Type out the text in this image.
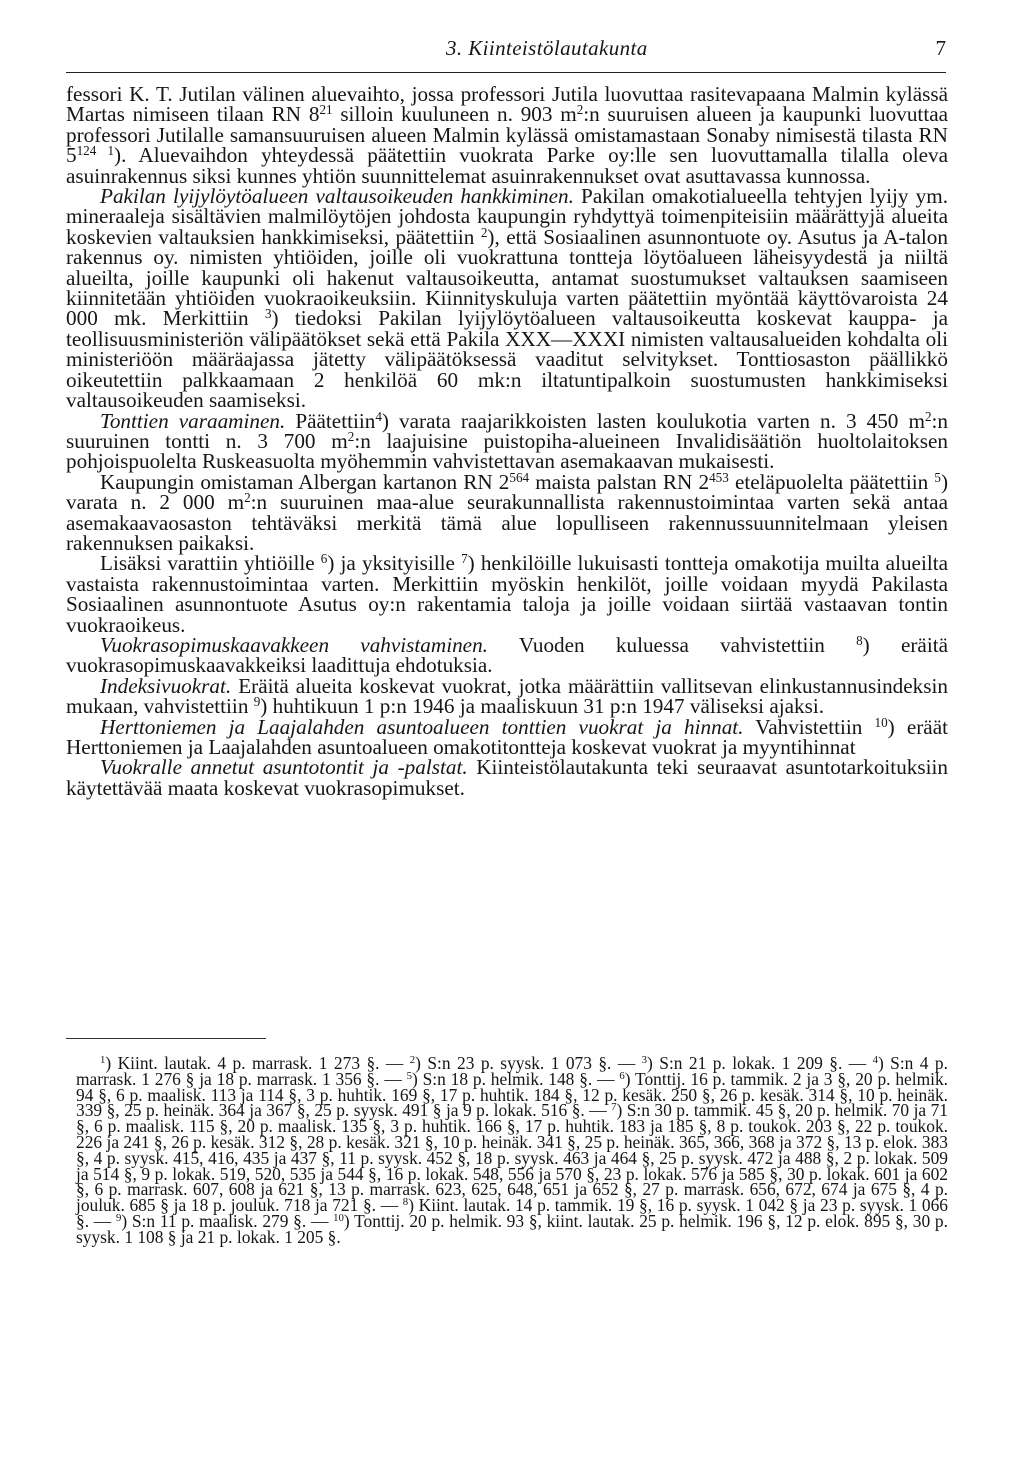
3. Kiinteistölautakunta	7

fessori K. T. Jutilan välinen aluevaihto, jossa professori Jutila luovuttaa rasitevapaana Malmin kylässä Martas nimiseen tilaan RN $8^{21}$ silloin kuuluneen n. 903 $m^2:n$ suuruisen alueen ja kaupunki luovuttaa professori Jutilalle samansuuruisen alueen Malmin kylässä omistamastaan Sonaby nimisestä tilasta RN $5^{124}$ $^1$). Aluevaihdon yhteydessä päätettiin vuokrata Parke oy:lle sen luovuttamalla tilalla oleva asuinrakennus siksi kunnes yhtiön suunnittelemat asuinrakennukset ovat asuttavassa kunnossa.

Pakilan lyijylöytöalueen valtausoikeuden hankkiminen. Pakilan omakotialueella tehtyjen lyijy ym. mineraaleja sisältävien malmilöytöjen johdosta kaupungin ryhdyttyä toimenpiteisiin määrättyjä alueita koskevien valtauksien hankkimiseksi, päätettiin $^2$), että Sosiaalinen asunnontuote oy. Asutus ja A-talon rakennus oy. nimisten yhtiöiden, joille oli vuokrattuna tontteja löytöalueen läheisyydestä ja niiltä alueilta, joille kaupunki oli hakenut valtausoikeutta, antamat suostumukset valtauksen saamiseen kiinnitetään yhtiöiden vuokraoikeuksiin. Kiinnityskuluja varten päätettiin myöntää käyttövaroista 24 000 mk. Merkittiin $^3$) tiedoksi Pakilan lyijylöytöalueen valtausoikeutta koskevat kauppa- ja teollisuusministeriön välipäätökset sekä että Pakila XXX—XXXI nimisten valtausalueiden kohdalta oli ministeriöön määräajassa jätetty välipäätöksessä vaaditut selvitykset. Tonttiosaston päällikkö oikeutettiin palkkaamaan 2 henkilöä 60 mk:n iltatuntipalkoin suostumusten hankkimiseksi valtausoikeuden saamiseksi.

Tonttien varaaminen. Päätettiin$^4$) varata raajarikkoisten lasten koulukotia varten n. 3 450 $m^2:n$ suuruinen tontti n. 3 700 $m^2:n$ laajuisine puistopiha-alueineen Invalidisäätiön huoltolaitoksen pohjoispuolelta Ruskeasuolta myöhemmin vahvistettavan asemakaavan mukaisesti.

Kaupungin omistaman Albergan kartanon RN $2^{564}$ maista palstan RN $2^{453}$ eteläpuolelta päätettiin $^5$) varata n. 2 000 $m^2:n$ suuruinen maa-alue seurakunnallista rakennustoimintaa varten sekä antaa asemakaavaosaston tehtäväksi merkitä tämä alue lopulliseen rakennussuunnitelmaan yleisen rakennuksen paikaksi.

Lisäksi varattiin yhtiöille $^6$) ja yksityisille $^7$) henkilöille lukuisasti tontteja omakotija muilta alueilta vastaista rakennustoimintaa varten. Merkittiin myöskin henkilöt, joille voidaan myydä Pakilasta Sosiaalinen asunnontuote Asutus oy:n rakentamia taloja ja joille voidaan siirtää vastaavan tontin vuokraoikeus.

Vuokrasopimuskaavakkeen vahvistaminen. Vuoden kuluessa vahvistettiin $^8$) eräitä vuokrasopimuskaavakkeiksi laadittuja ehdotuksia.

Indeksivuokrat. Eräitä alueita koskevat vuokrat, jotka määrättiin vallitsevan elinkustannusindeksin mukaan, vahvistettiin $^9$) huhtikuun 1 p:n 1946 ja maaliskuun 31 p:n 1947 väliseksi ajaksi.

Herttoniemen ja Laajalahden asuntoalueen tonttien vuokrat ja hinnat. Vahvistettiin $^{10}$) eräät Herttoniemen ja Laajalahden asuntoalueen omakotitontteja koskevat vuokrat ja myyntihinnat

Vuokralle annetut asuntotontit ja -palstat. Kiinteistölautakunta teki seuraavat asuntotarkoituksiin käytettävää maata koskevat vuokrasopimukset.

$^1$) Kiint. lautak. 4 p. marrask. 1 273 §. — $^2$) S:n 23 p. syysk. 1 073 §. — $^3$) S:n 21 p. lokak. 1 209 §. — $^4$) S:n 4 p. marrask. 1 276 § ja 18 p. marrask. 1 356 §. — $^5$) S:n 18 p. helmik. 148 §. — $^6$) Tonttij. 16 p. tammik. 2 ja 3 §, 20 p. helmik. 94 §, 6 p. maalisk. 113 ja 114 §, 3 p. huhtik. 169 §, 17 p. huhtik. 184 §, 12 p. kesäk. 250 §, 26 p. kesäk. 314 §, 10 p. heinäk. 339 §, 25 p. heinäk. 364 ja 367 §, 25 p. syysk. 491 § ja 9 p. lokak. 516 §. — $^7$) S:n 30 p. tammik. 45 §, 20 p. helmik. 70 ja 71 §, 6 p. maalisk. 115 §, 20 p. maalisk. 135 §, 3 p. huhtik. 166 §, 17 p. huhtik. 183 ja 185 §, 8 p. toukok. 203 §, 22 p. toukok. 226 ja 241 §, 26 p. kesäk. 312 §, 28 p. kesäk. 321 §, 10 p. heinäk. 341 §, 25 p. heinäk. 365, 366, 368 ja 372 §, 13 p. elok. 383 §, 4 p. syysk. 415, 416, 435 ja 437 §, 11 p. syysk. 452 §, 18 p. syysk. 463 ja 464 §, 25 p. syysk. 472 ja 488 §, 2 p. lokak. 509 ja 514 §, 9 p. lokak. 519, 520, 535 ja 544 §, 16 p. lokak. 548, 556 ja 570 §, 23 p. lokak. 576 ja 585 §, 30 p. lokak. 601 ja 602 §, 6 p. marrask. 607, 608 ja 621 §, 13 p. marrask. 623, 625, 648, 651 ja 652 §, 27 p. marrask. 656, 672, 674 ja 675 §, 4 p. jouluk. 685 § ja 18 p. jouluk. 718 ja 721 §. — $^8$) Kiint. lautak. 14 p. tammik. 19 §, 16 p. syysk. 1 042 § ja 23 p. syysk. 1 066 §. — $^9$) S:n 11 p. maalisk. 279 §. — $^{10}$) Tonttij. 20 p. helmik. 93 §, kiint. lautak. 25 p. helmik. 196 §, 12 p. elok. 895 §, 30 p. syysk. 1 108 § ja 21 p. lokak. 1 205 §.
